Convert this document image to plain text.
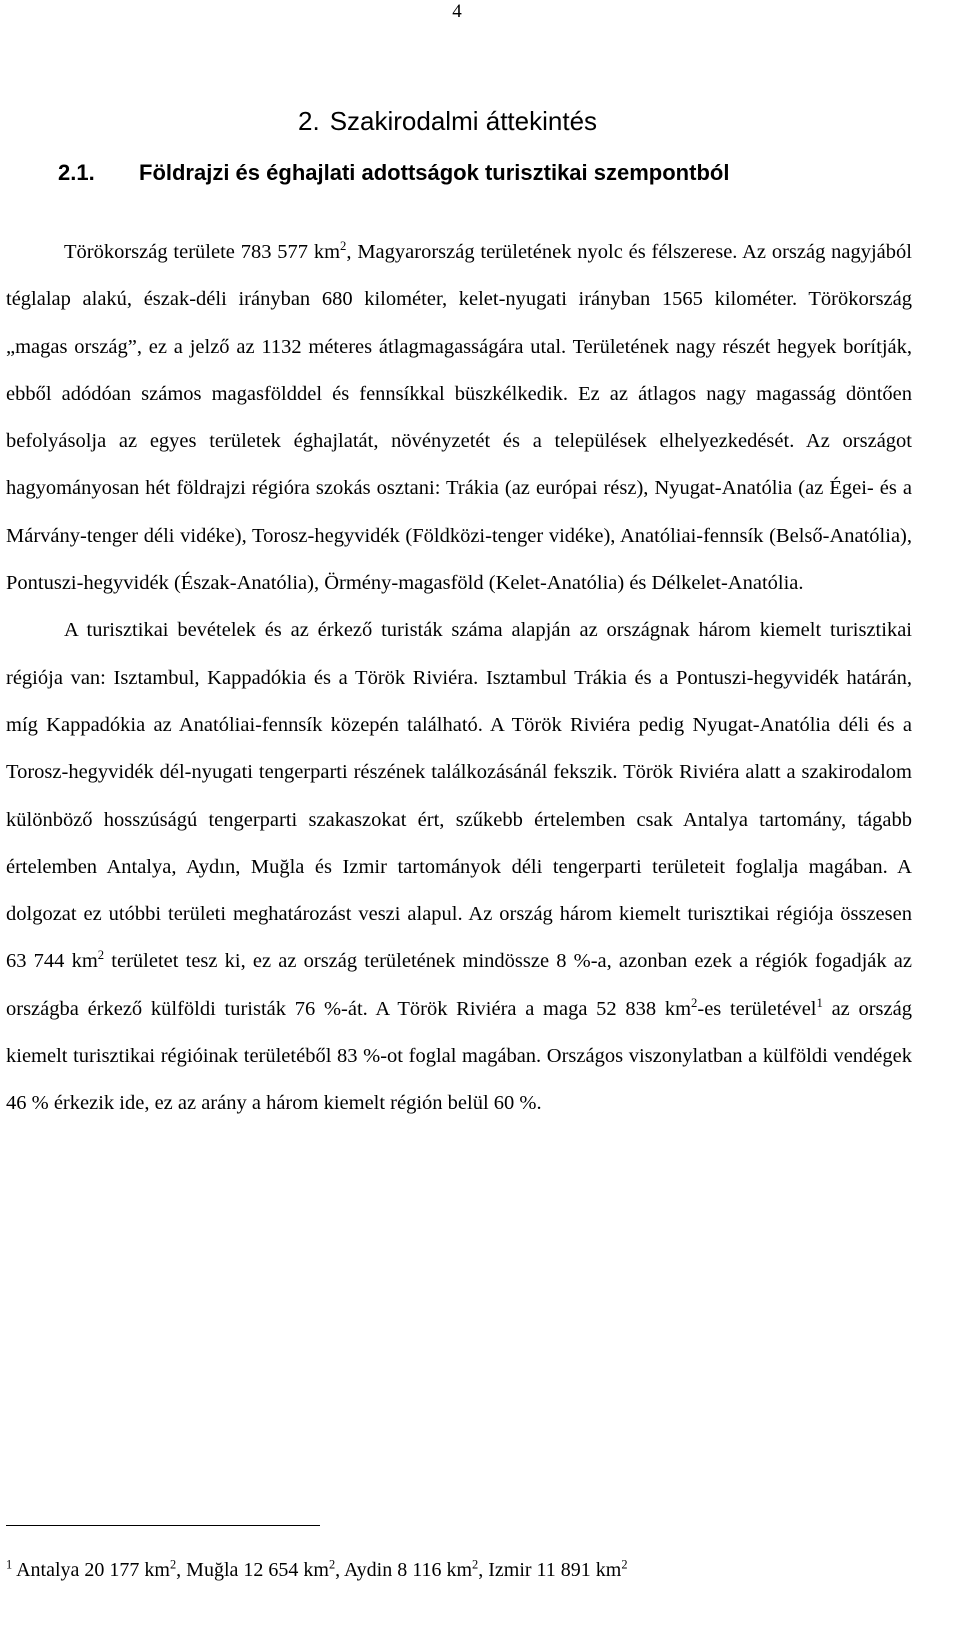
4
2. Szakirodalmi áttekintés
2.1. Földrajzi és éghajlati adottságok turisztikai szempontból

Törökország területe 783 577 $km^2$, Magyarország területének nyolc és félszerese. Az ország nagyjából téglalap alakú, észak-déli irányban 680 kilométer, kelet-nyugati irányban 1565 kilométer. Törökország „magas ország”, ez a jelző az 1132 méteres átlagmagasságára utal. Területének nagy részét hegyek borítják, ebből adódóan számos magasfölddel és fennsíkkal büszkélkedik. Ez az átlagos nagy magasság döntően befolyásolja az egyes területek éghajlatát, növényzetét és a települések elhelyezkedését. Az országot hagyományosan hét földrajzi régióra szokás osztani: Trákia (az európai rész), Nyugat-Anatólia (az Égei- és a Márvány-tenger déli vidéke), Torosz-hegyvidék (Földközi-tenger vidéke), Anatóliai-fennsík (Belső-Anatólia), Pontuszi-hegyvidék (Észak-Anatólia), Örmény-magasföld (Kelet-Anatólia) és Délkelet-Anatólia.

A turisztikai bevételek és az érkező turisták száma alapján az országnak három kiemelt turisztikai régiója van: Isztambul, Kappadókia és a Török Riviéra. Isztambul Trákia és a Pontuszi-hegyvidék határán, míg Kappadókia az Anatóliai-fennsík közepén található. A Török Riviéra pedig Nyugat-Anatólia déli és a Torosz-hegyvidék dél-nyugati tengerparti részének találkozásánál fekszik. Török Riviéra alatt a szakirodalom különböző hosszúságú tengerparti szakaszokat ért, szűkebb értelemben csak Antalya tartomány, tágabb értelemben Antalya, Aydın, Muğla és Izmir tartományok déli tengerparti területeit foglalja magában. A dolgozat ez utóbbi területi meghatározást veszi alapul. Az ország három kiemelt turisztikai régiója összesen 63 744 $km^2$ területet tesz ki, ez az ország területének mindössze 8 %-a, azonban ezek a régiók fogadják az országba érkező külföldi turisták 76 %-át. A Török Riviéra a maga 52 838 $km^2-es$ területével$^1$ az ország kiemelt turisztikai régióinak területéből 83 %-ot foglal magában. Országos viszonylatban a külföldi vendégek 46 % érkezik ide, ez az arány a három kiemelt régión belül 60 %.

$^1$ Antalya 20 177 $km^2$, Muğla 12 654 $km^2$, Aydin 8 116 $km^2$, Izmir 11 891 $km^2$
